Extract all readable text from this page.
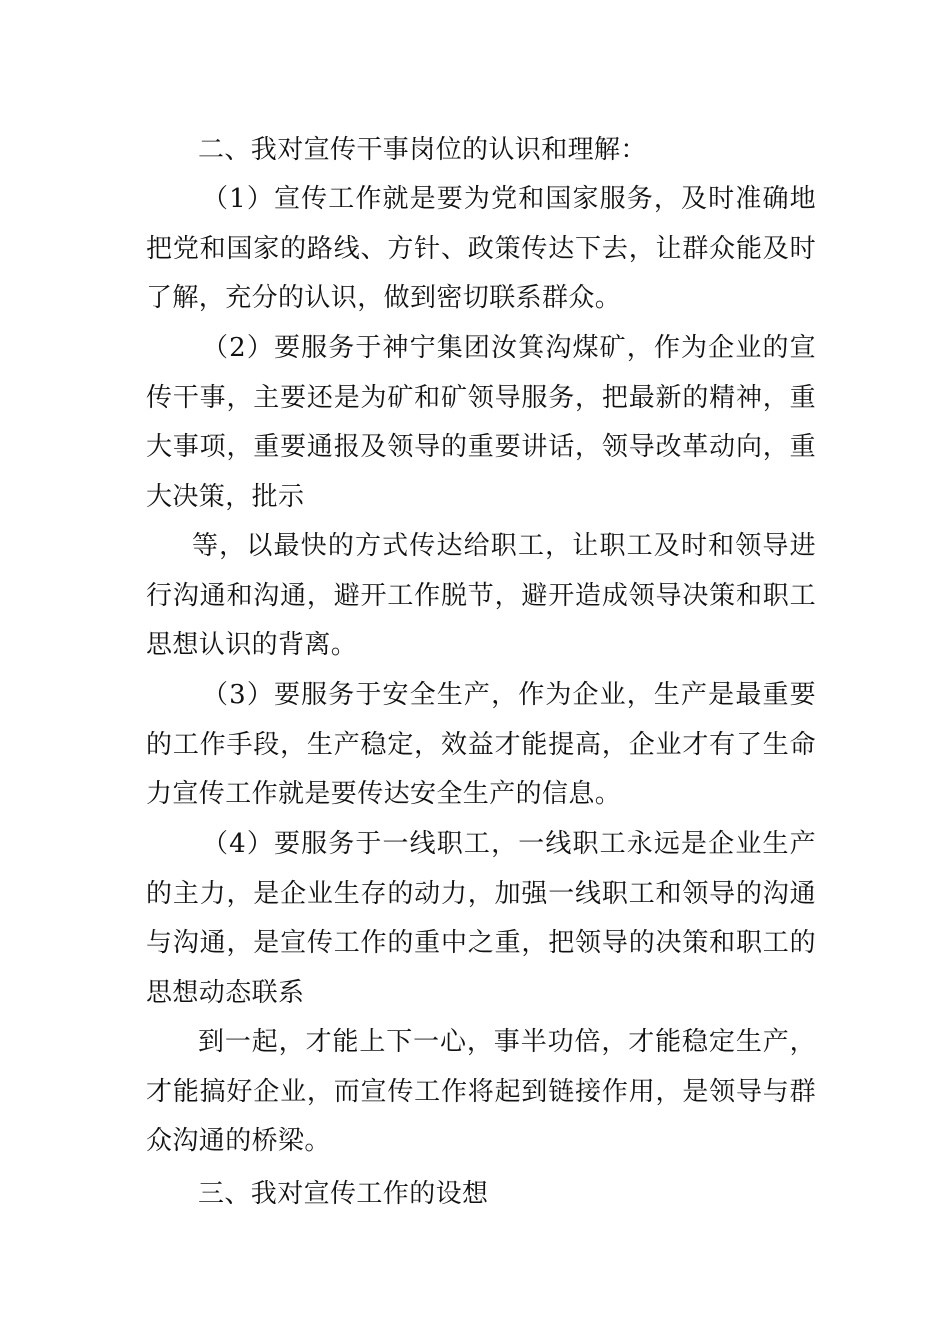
二、我对宣传干事岗位的认识和理解：

（1）宣传工作就是要为党和国家服务，及时准确地把党和国家的路线、方针、政策传达下去，让群众能及时了解，充分的认识，做到密切联系群众。

（2）要服务于神宁集团汝箕沟煤矿，作为企业的宣传干事，主要还是为矿和矿领导服务，把最新的精神，重大事项，重要通报及领导的重要讲话，领导改革动向，重大决策，批示

等，以最快的方式传达给职工，让职工及时和领导进行沟通和沟通，避开工作脱节，避开造成领导决策和职工思想认识的背离。

（3）要服务于安全生产，作为企业，生产是最重要的工作手段，生产稳定，效益才能提高，企业才有了生命力宣传工作就是要传达安全生产的信息。

（4）要服务于一线职工，一线职工永远是企业生产的主力，是企业生存的动力，加强一线职工和领导的沟通与沟通，是宣传工作的重中之重，把领导的决策和职工的思想动态联系

到一起，才能上下一心，事半功倍，才能稳定生产，才能搞好企业，而宣传工作将起到链接作用，是领导与群众沟通的桥梁。

三、我对宣传工作的设想
